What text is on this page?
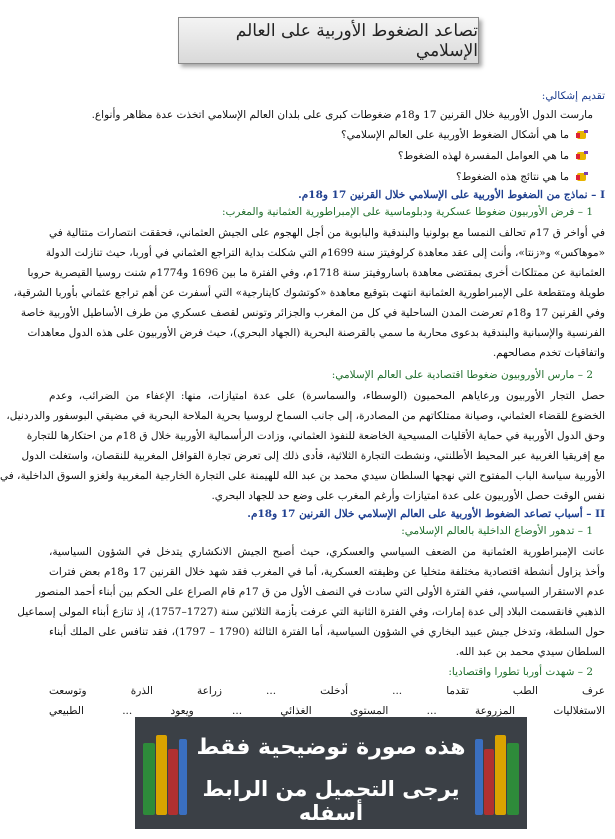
تصاعد الضغوط الأوربية على العالم الإسلامي
تقديم إشكالي:
مارست الدول الأوربية خلال القرنين 17 و18م ضغوطات كبرى على بلدان العالم الإسلامي اتخذت عدة مظاهر وأنواع.
ما هي أشكال الضغوط الأوربية على العالم الإسلامي؟
ما هي العوامل المفسرة لهذه الضغوط؟
ما هي نتائج هذه الضغوط؟
I – نماذج من الضغوط الأوربية على الإسلامي خلال القرنين 17 و18م.
1 – فرض الأوربيون ضغوطا عسكرية ودبلوماسية على الإمبراطورية العثمانية والمغرب:
في أواخر ق 17م تحالف النمسا مع بولونيا والبندقية والبابوية من أجل الهجوم على الجيش العثماني، فحققت انتصارات متتالية في
«موهاكس» و«زنتا»، وأنت إلى عقد معاهدة كرلوفيتز سنة 1699م التي شكلت بداية التراجع العثماني في أوربا، حيث تنازلت الدولة
العثمانية عن ممتلكات أخرى بمقتضى معاهدة باساروفيتز سنة 1718م، وفي الفترة ما بين 1696 و1774م شنت روسيا القيصرية حروبا
طويلة ومتقطعة على الإمبراطورية العثمانية انتهت بتوقيع معاهدة «كوتشوك كاينارجية» التي أسفرت عن أهم تراجع عثماني بأوربا الشرقية،
وفي القرنين 17 و18م تعرضت المدن الساحلية في كل من المغرب والجزائر وتونس لقصف عسكري من طرف الأساطيل الأوربية خاصة
الفرنسية والإسبانية والبندقية بدعوى محاربة ما سمي بالقرصنة البحرية (الجهاد البحري)، حيث فرض الأوربيون على هذه الدول معاهدات
واتفاقيات تخدم مصالحهم.
2 – مارس الأوروبيون ضغوطا اقتصادية على العالم الإسلامي:
حصل التجار الأوربيون ورعاياهم المحميون (الوسطاء، والسماسرة) على عدة امتيازات، منها: الإعفاء من الضرائب، وعدم
الخضوع للقضاء العثماني، وصيانة ممتلكاتهم من المصادرة، إلى جانب السماح لروسيا بحرية الملاحة البحرية في مضيقي البوسفور والدردنيل،
وحق الدول الأوربية في حماية الأقليات المسيحية الخاضعة للنفوذ العثماني، وزادت الرأسمالية الأوربية خلال ق 18م من احتكارها للتجارة
مع إفريقيا الغربية عبر المحيط الأطلنتي، ونشطت التجارة الثلاثية، فأدى ذلك إلى تعرض تجارة القوافل المغربية للنقصان، واستغلت الدول
الأوربية سياسة الباب المفتوح التي نهجها السلطان سيدي محمد بن عبد الله للهيمنة على التجارة الخارجية المغربية ولغزو السوق الداخلية، في
نفس الوقت حصل الأوربيون على عدة امتيازات وأرغم المغرب على وضع حد للجهاد البحري.
II – أسباب تصاعد الضغوط الأوربية على العالم الإسلامي خلال القرنين 17 و18م.
1 – تدهور الأوضاع الداخلية بالعالم الإسلامي:
عانت الإمبراطورية العثمانية من الضعف السياسي والعسكري، حيث أصبح الجيش الانكشاري يتدخل في الشؤون السياسية،
وأخذ يزاول أنشطة اقتصادية مختلفة متخليا عن وظيفته العسكرية، أما في المغرب فقد شهد خلال القرنين 17 و18م بعض فترات
عدم الاستقرار السياسي، ففي الفترة الأولى التي سادت في النصف الأول من ق 17م قام الصراع على الحكم بين أبناء أحمد المنصور
الذهبي فانقسمت البلاد إلى عدة إمارات، وفي الفترة الثانية التي عرفت بأزمة الثلاثين سنة (1727–1757)، إذ تنازع أبناء المولى إسماعيل
حول السلطة، وتدخل جيش عبيد البخاري في الشؤون السياسية، أما الفترة الثالثة (1790 – 1797)، فقد تنافس على الملك أبناء
السلطان سيدي محمد بن عبد الله.
2 – شهدت أوربا تطورا واقتصاديا:
عرف الطب تقدما ... أدخلت ... زراعة الذرة وتوسعت
الاستغلاليات المزروعة ... المستوى الغذائي ... ويعود ... الطبيعي
هذه صورة توضيحية فقط
يرجى التحميل من الرابط أسفله
